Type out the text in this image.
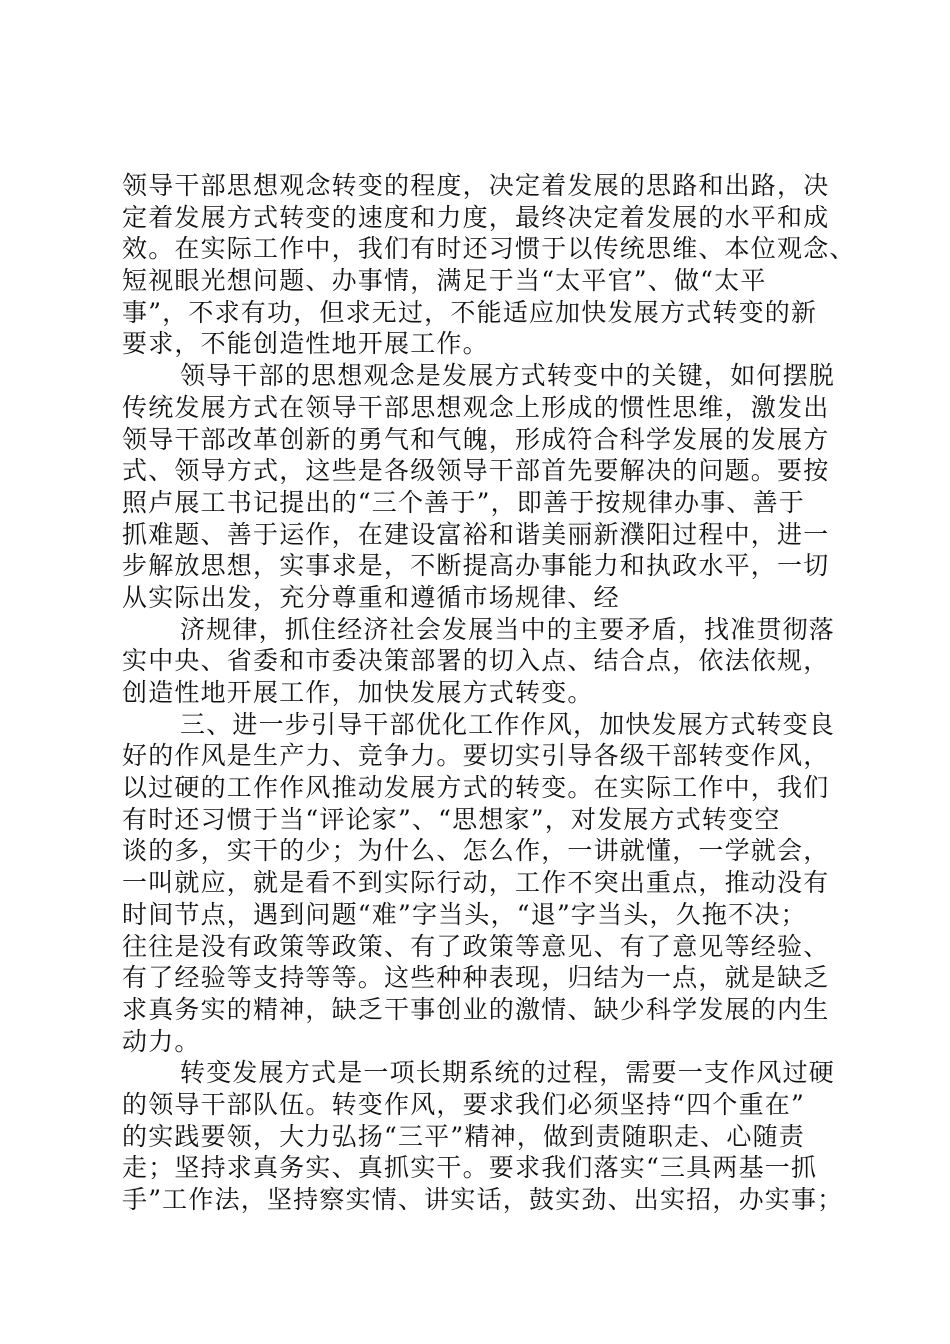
领导干部思想观念转变的程度，决定着发展的思路和出路，决
定着发展方式转变的速度和力度，最终决定着发展的水平和成
效。在实际工作中，我们有时还习惯于以传统思维、本位观念、
短视眼光想问题、办事情，满足于当“太平官”、做“太平
事”，不求有功，但求无过，不能适应加快发展方式转变的新
要求，不能创造性地开展工作。
领导干部的思想观念是发展方式转变中的关键，如何摆脱
传统发展方式在领导干部思想观念上形成的惯性思维，激发出
领导干部改革创新的勇气和气魄，形成符合科学发展的发展方
式、领导方式，这些是各级领导干部首先要解决的问题。要按
照卢展工书记提出的“三个善于”，即善于按规律办事、善于
抓难题、善于运作，在建设富裕和谐美丽新濮阳过程中，进一
步解放思想，实事求是，不断提高办事能力和执政水平，一切
从实际出发，充分尊重和遵循市场规律、经
济规律，抓住经济社会发展当中的主要矛盾，找准贯彻落
实中央、省委和市委决策部署的切入点、结合点，依法依规，
创造性地开展工作，加快发展方式转变。
三、进一步引导干部优化工作作风，加快发展方式转变良
好的作风是生产力、竞争力。要切实引导各级干部转变作风，
以过硬的工作作风推动发展方式的转变。在实际工作中，我们
有时还习惯于当“评论家”、“思想家”，对发展方式转变空
谈的多，实干的少；为什么、怎么作，一讲就懂，一学就会，
一叫就应，就是看不到实际行动，工作不突出重点，推动没有
时间节点，遇到问题“难”字当头，“退”字当头，久拖不决；
往往是没有政策等政策、有了政策等意见、有了意见等经验、
有了经验等支持等等。这些种种表现，归结为一点，就是缺乏
求真务实的精神，缺乏干事创业的激情、缺少科学发展的内生
动力。
转变发展方式是一项长期系统的过程，需要一支作风过硬
的领导干部队伍。转变作风，要求我们必须坚持“四个重在”
的实践要领，大力弘扬“三平”精神，做到责随职走、心随责
走；坚持求真务实、真抓实干。要求我们落实“三具两基一抓
手”工作法，坚持察实情、讲实话，鼓实劲、出实招，办实事；
